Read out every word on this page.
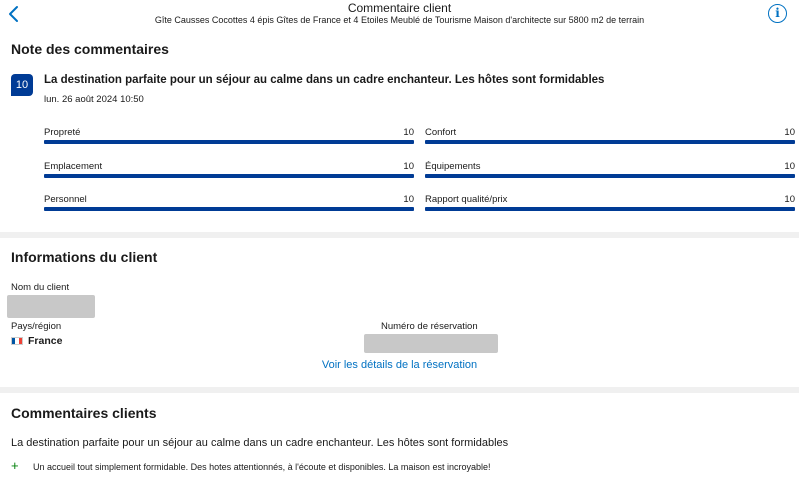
Commentaire client
Gîte Causses Cocottes 4 épis Gîtes de France et 4 Etoiles Meublé de Tourisme Maison d'architecte sur 5800 m2 de terrain	i
Note des commentaires
10	La destination parfaite pour un séjour au calme dans un cadre enchanteur. Les hôtes sont formidables
lun. 26 août 2024 10:50
Propreté	10 Confort	10
Emplacement	10 Équipements	10
Personnel	10 Rapport qualité/prix	10
Informations du client
Nom du client
Pays/région
France
Numéro de réservation
Voir les détails de la réservation
Commentaires clients
La destination parfaite pour un séjour au calme dans un cadre enchanteur. Les hôtes sont formidables
+ Un accueil tout simplement formidable. Des hotes attentionnés, à l'écoute et disponibles. La maison est incroyable!
